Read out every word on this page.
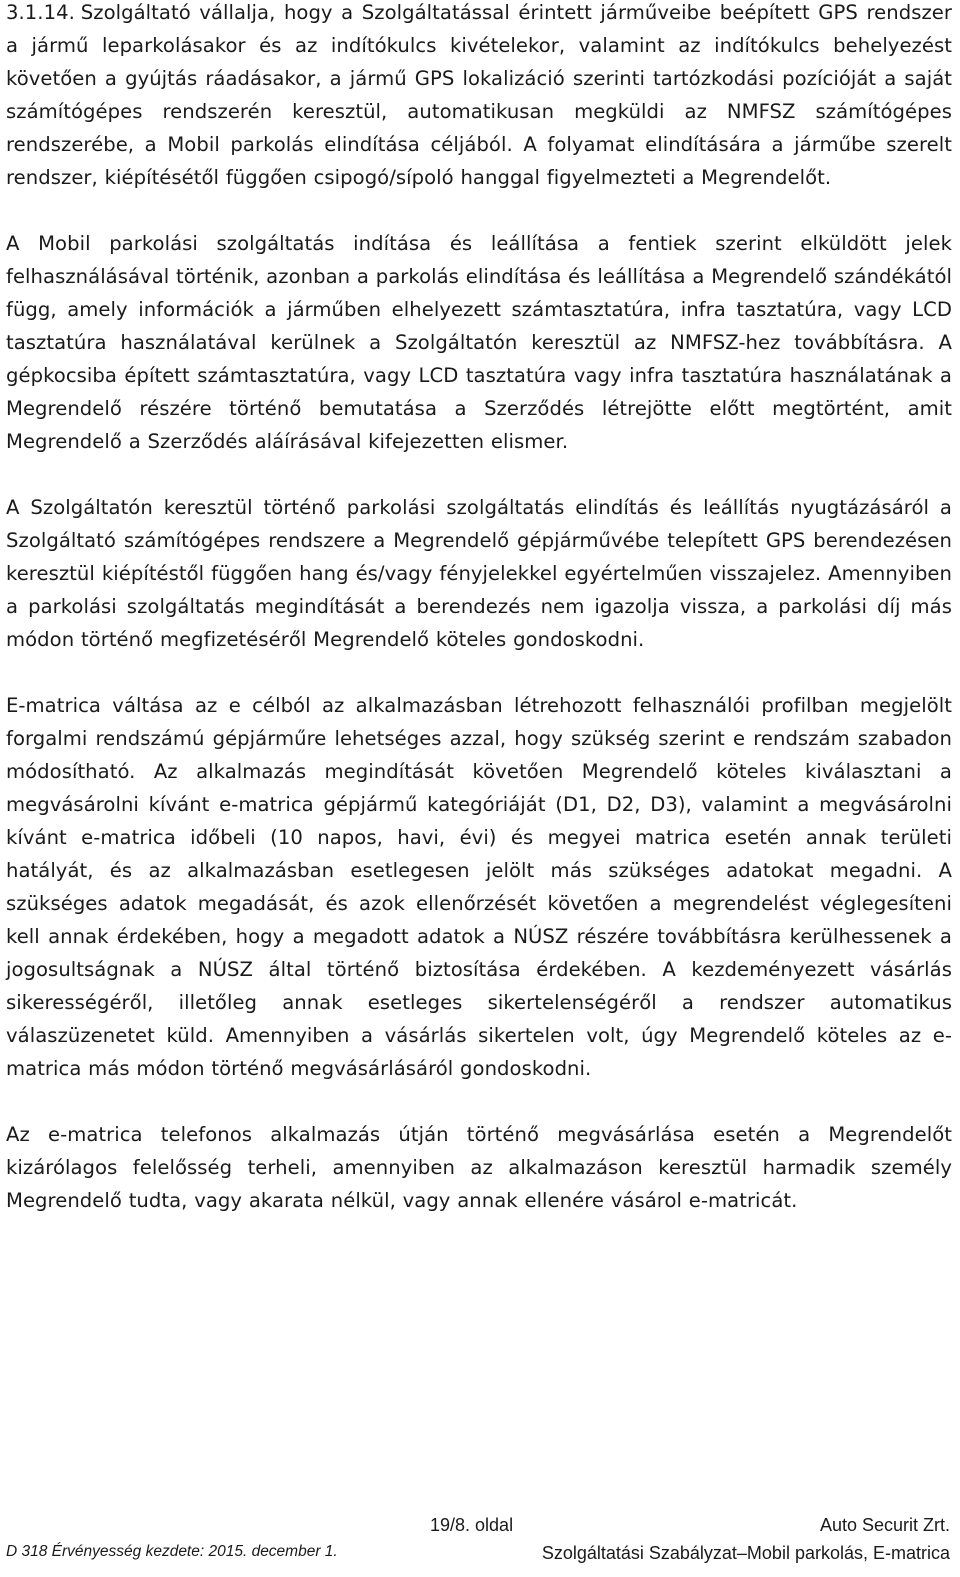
3.1.14. Szolgáltató vállalja, hogy a Szolgáltatással érintett járműveibe beépített GPS rendszer a jármű leparkolásakor és az indítókulcs kivételekor, valamint az indítókulcs behelyezést követően a gyújtás ráadásakor, a jármű GPS lokalizáció szerinti tartózkodási pozícióját a saját számítógépes rendszerén keresztül, automatikusan megküldi az NMFSZ számítógépes rendszerébe, a Mobil parkolás elindítása céljából. A folyamat elindítására a járműbe szerelt rendszer, kiépítésétől függően csipogó/sípoló hanggal figyelmezteti a Megrendelőt.

A Mobil parkolási szolgáltatás indítása és leállítása a fentiek szerint elküldött jelek felhasználásával történik, azonban a parkolás elindítása és leállítása a Megrendelő szándékától függ, amely információk a járműben elhelyezett számtasztatúra, infra tasztatúra, vagy LCD tasztatúra használatával kerülnek a Szolgáltatón keresztül az NMFSZ-hez továbbításra. A gépkocsiba épített számtasztatúra, vagy LCD tasztatúra vagy infra tasztatúra használatának a Megrendelő részére történő bemutatása a Szerződés létrejötte előtt megtörtént, amit Megrendelő a Szerződés aláírásával kifejezetten elismer.

A Szolgáltatón keresztül történő parkolási szolgáltatás elindítás és leállítás nyugtázásáról a Szolgáltató számítógépes rendszere a Megrendelő gépjárművébe telepített GPS berendezésen keresztül kiépítéstől függően hang és/vagy fényjelekkel egyértelműen visszajelez. Amennyiben a parkolási szolgáltatás megindítását a berendezés nem igazolja vissza, a parkolási díj más módon történő megfizetéséről Megrendelő köteles gondoskodni.

E-matrica váltása az e célból az alkalmazásban létrehozott felhasználói profilban megjelölt forgalmi rendszámú gépjárműre lehetséges azzal, hogy szükség szerint e rendszám szabadon módosítható. Az alkalmazás megindítását követően Megrendelő köteles kiválasztani a megvásárolni kívánt e-matrica gépjármű kategóriáját (D1, D2, D3), valamint a megvásárolni kívánt e-matrica időbeli (10 napos, havi, évi) és megyei matrica esetén annak területi hatályát, és az alkalmazásban esetlegesen jelölt más szükséges adatokat megadni. A szükséges adatok megadását, és azok ellenőrzését követően a megrendelést véglegesíteni kell annak érdekében, hogy a megadott adatok a NÚSZ részére továbbításra kerülhessenek a jogosultságnak a NÚSZ által történő biztosítása érdekében. A kezdeményezett vásárlás sikerességéről, illetőleg annak esetleges sikertelenségéről a rendszer automatikus válaszüzenetet küld. Amennyiben a vásárlás sikertelen volt, úgy Megrendelő köteles az e-matrica más módon történő megvásárlásáról gondoskodni.

Az e-matrica telefonos alkalmazás útján történő megvásárlása esetén a Megrendelőt kizárólagos felelősség terheli, amennyiben az alkalmazáson keresztül harmadik személy Megrendelő tudta, vagy akarata nélkül, vagy annak ellenére vásárol e-matricát.

19/8. oldal	Auto Securit Zrt.
D 318 Érvényesség kezdete: 2015. december 1.	Szolgáltatási Szabályzat–Mobil parkolás, E-matrica
